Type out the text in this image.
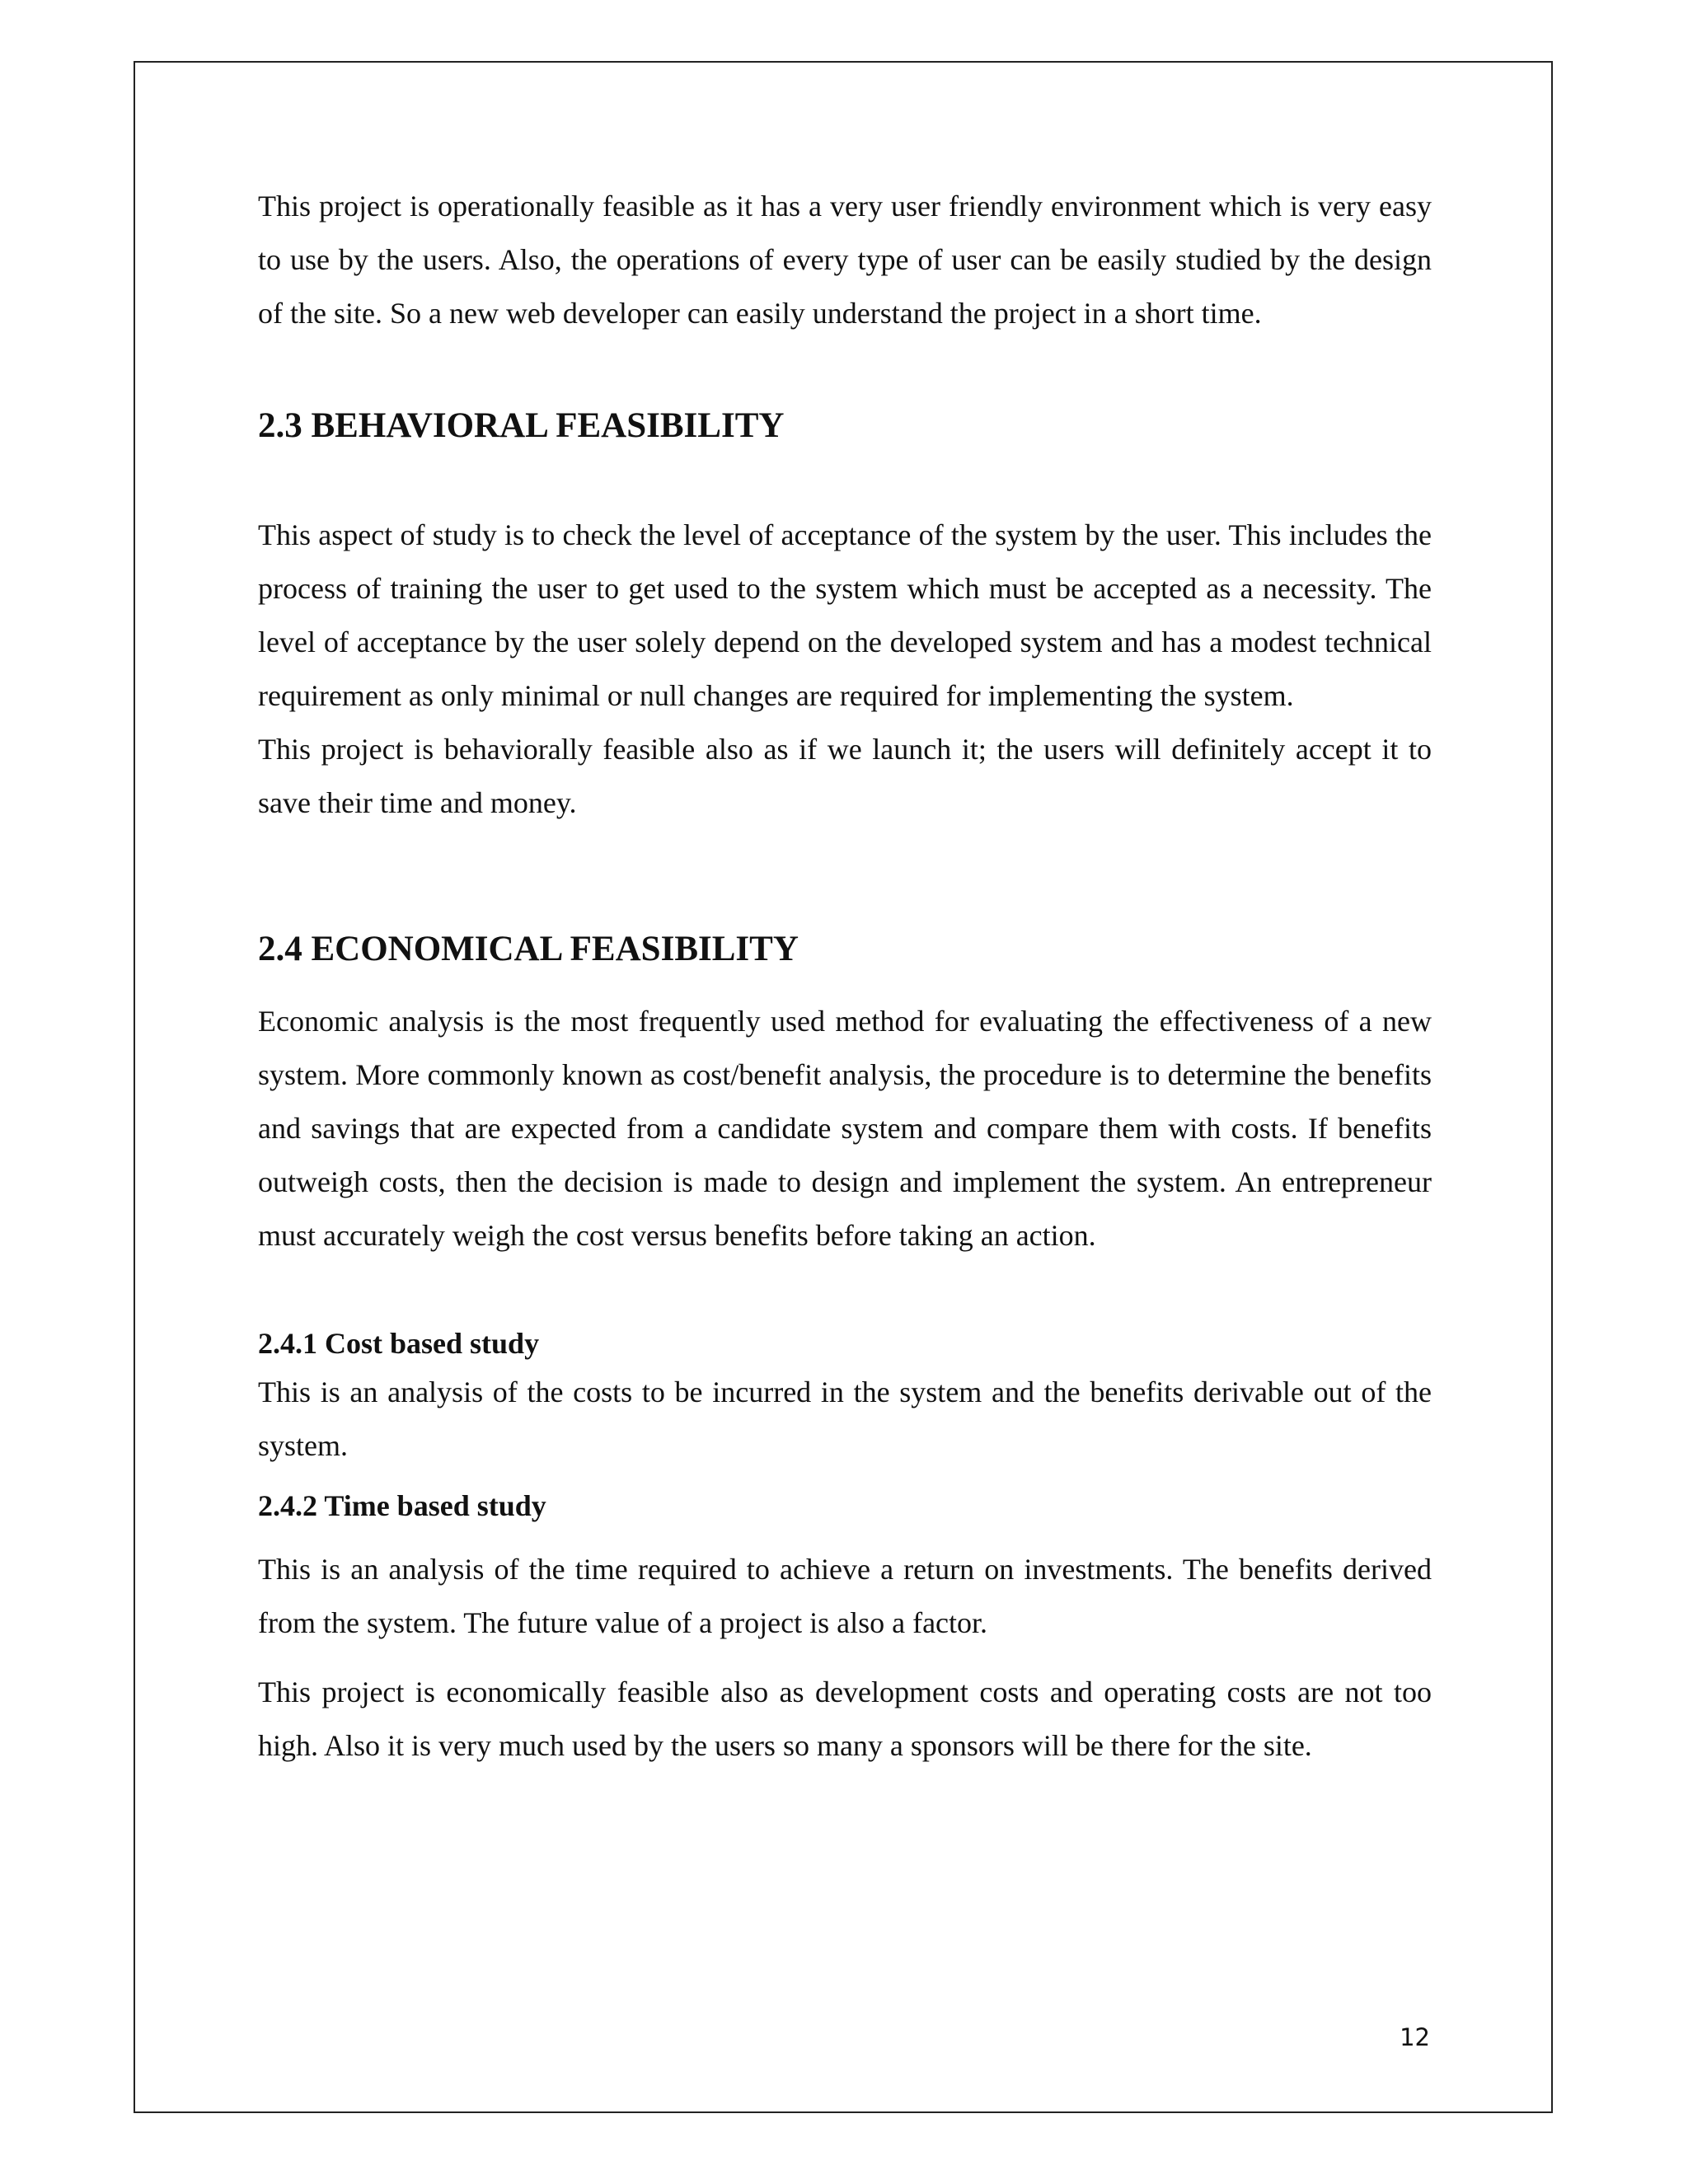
This project is operationally feasible as it has a very user friendly environment which is very easy to use by the users. Also, the operations of every type of user can be easily studied by the design of the site. So a new web developer can easily understand the project in a short time.

2.3 BEHAVIORAL FEASIBILITY

This aspect of study is to check the level of acceptance of the system by the user. This includes the process of training the user to get used to the system which must be accepted as a necessity. The level of acceptance by the user solely depend on the developed system and has a modest technical requirement as only minimal or null changes are required for implementing the system.

This project is behaviorally feasible also as if we launch it; the users will definitely accept it to save their time and money.

2.4 ECONOMICAL FEASIBILITY

Economic analysis is the most frequently used method for evaluating the effectiveness of a new system. More commonly known as cost/benefit analysis, the procedure is to determine the benefits and savings that are expected from a candidate system and compare them with costs. If benefits outweigh costs, then the decision is made to design and implement the system. An entrepreneur must accurately weigh the cost versus benefits before taking an action.

2.4.1 Cost based study

This is an analysis of the costs to be incurred in the system and the benefits derivable out of the system.

2.4.2 Time based study

This is an analysis of the time required to achieve a return on investments. The benefits derived from the system. The future value of a project is also a factor.

This project is economically feasible also as development costs and operating costs are not too high. Also it is very much used by the users so many a sponsors will be there for the site.

12
